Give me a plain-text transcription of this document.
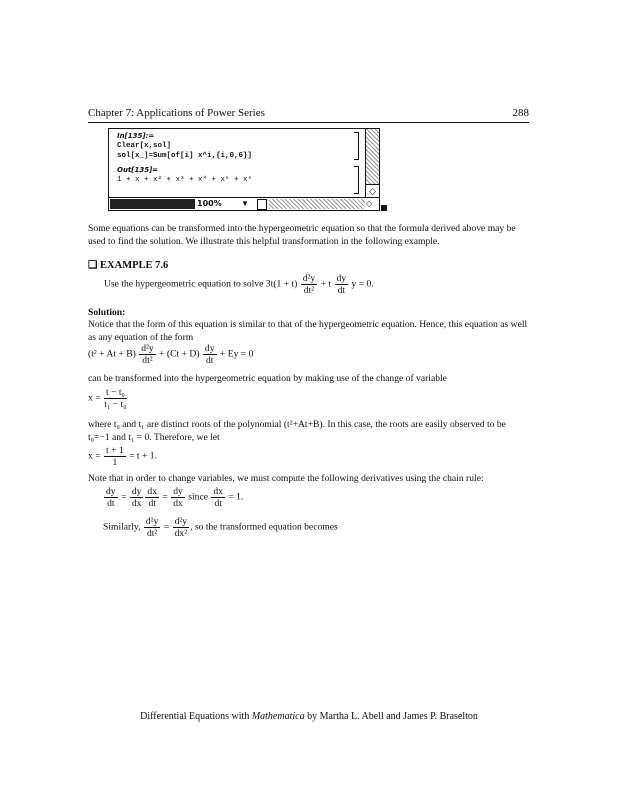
Chapter 7: Applications of Power Series	288
In[135]:=
Clear[x,sol]
sol[x_]=Sum[of[i] x^i,{i,0,6}]
Out[135]=
1 + x + x² + x³ + x⁴ + x⁵ + x⁶
◇
100% ▼	◇
Some equations can be transformed into the hypergeometric equation so that the formula derived above may be used to find the solution. We illustrate this helpful transformation in the following example.
❑ EXAMPLE 7.6
Use the hypergeometric equation to solve $3t(1 + t) \frac{\text{d²y}}{\text{dt²}} + t \frac{dy}{dt}$ y = 0.
Solution:
Notice that the form of this equation is similar to that of the hypergeometric equation. Hence, this equation as well as any equation of the form
$(t^2 + At + B) \frac{\text{d²y}}{\text{dt²}} + (Ct + D) \frac{dy}{dt} + Ey = 0$
can be transformed into the hypergeometric equation by making use of the change of variable
$x = \frac{\text{t − t₀}}{\text{t₁ − t₀}}$
where t₀ and t₁ are distinct roots of the polynomial (t²+At+B). In this case, the roots are easily observed to be t₀=−1 and t₁ = 0. Therefore, we let
$x = \frac{t + 1}{1} = t + 1$.
Note that in order to change variables, we must compute the following derivatives using the chain rule:
$\frac{dy}{dt} = \frac{dy}{dx} \frac{dx}{dt} = \frac{dy}{dx}$ since $\frac{dx}{dt} = 1$.
Similarly, $\frac{\text{d²y}}{\text{dt²}} = \frac{\text{d²y}}{\text{dx²}}$ , so the transformed equation becomes
Differential Equations with Mathematica by Martha L. Abell and James P. Braselton
